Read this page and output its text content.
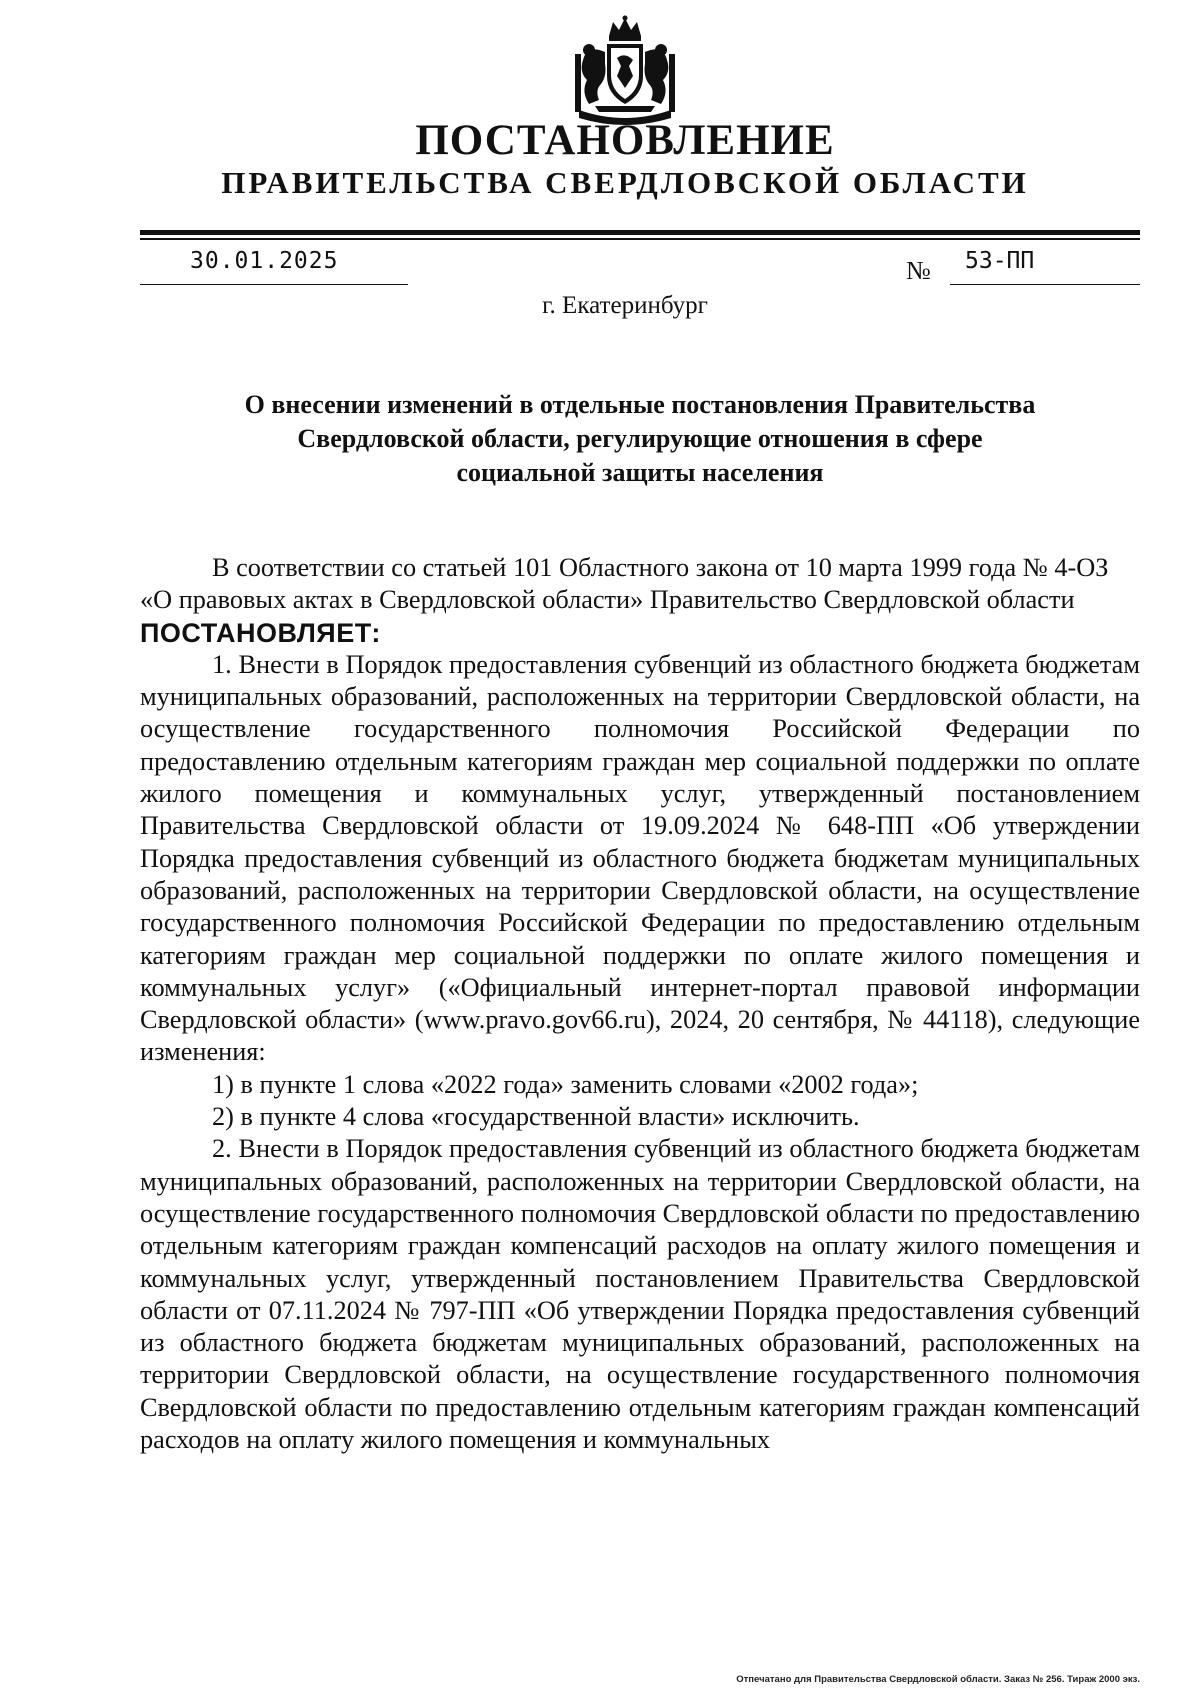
ПОСТАНОВЛЕНИЕ
ПРАВИТЕЛЬСТВА СВЕРДЛОВСКОЙ ОБЛАСТИ
30.01.2025	№ 53-ПП
г. Екатеринбург
О внесении изменений в отдельные постановления Правительства
Свердловской области, регулирующие отношения в сфере
социальной защиты населения

В соответствии со статьей 101 Областного закона от 10 марта 1999 года № 4-ОЗ «О правовых актах в Свердловской области» Правительство Свердловской области

ПОСТАНОВЛЯЕТ:

1. Внести в Порядок предоставления субвенций из областного бюджета бюджетам муниципальных образований, расположенных на территории Свердловской области, на осуществление государственного полномочия Российской Федерации по предоставлению отдельным категориям граждан мер социальной поддержки по оплате жилого помещения и коммунальных услуг, утвержденный постановлением Правительства Свердловской области от 19.09.2024 № 648-ПП «Об утверждении Порядка предоставления субвенций из областного бюджета бюджетам муниципальных образований, расположенных на территории Свердловской области, на осуществление государственного полномочия Российской Федерации по предоставлению отдельным категориям граждан мер социальной поддержки по оплате жилого помещения и коммунальных услуг» («Официальный интернет-портал правовой информации Свердловской области» (www.pravo.gov66.ru), 2024, 20 сентября, № 44118), следующие изменения:

1) в пункте 1 слова «2022 года» заменить словами «2002 года»;

2) в пункте 4 слова «государственной власти» исключить.

2. Внести в Порядок предоставления субвенций из областного бюджета бюджетам муниципальных образований, расположенных на территории Свердловской области, на осуществление государственного полномочия Свердловской области по предоставлению отдельным категориям граждан компенсаций расходов на оплату жилого помещения и коммунальных услуг, утвержденный постановлением Правительства Свердловской области от 07.11.2024 № 797-ПП «Об утверждении Порядка предоставления субвенций из областного бюджета бюджетам муниципальных образований, расположенных на территории Свердловской области, на осуществление государственного полномочия Свердловской области по предоставлению отдельным категориям граждан компенсаций расходов на оплату жилого помещения и коммунальных

Отпечатано для Правительства Свердловской области. Заказ № 256. Тираж 2000 экз.
